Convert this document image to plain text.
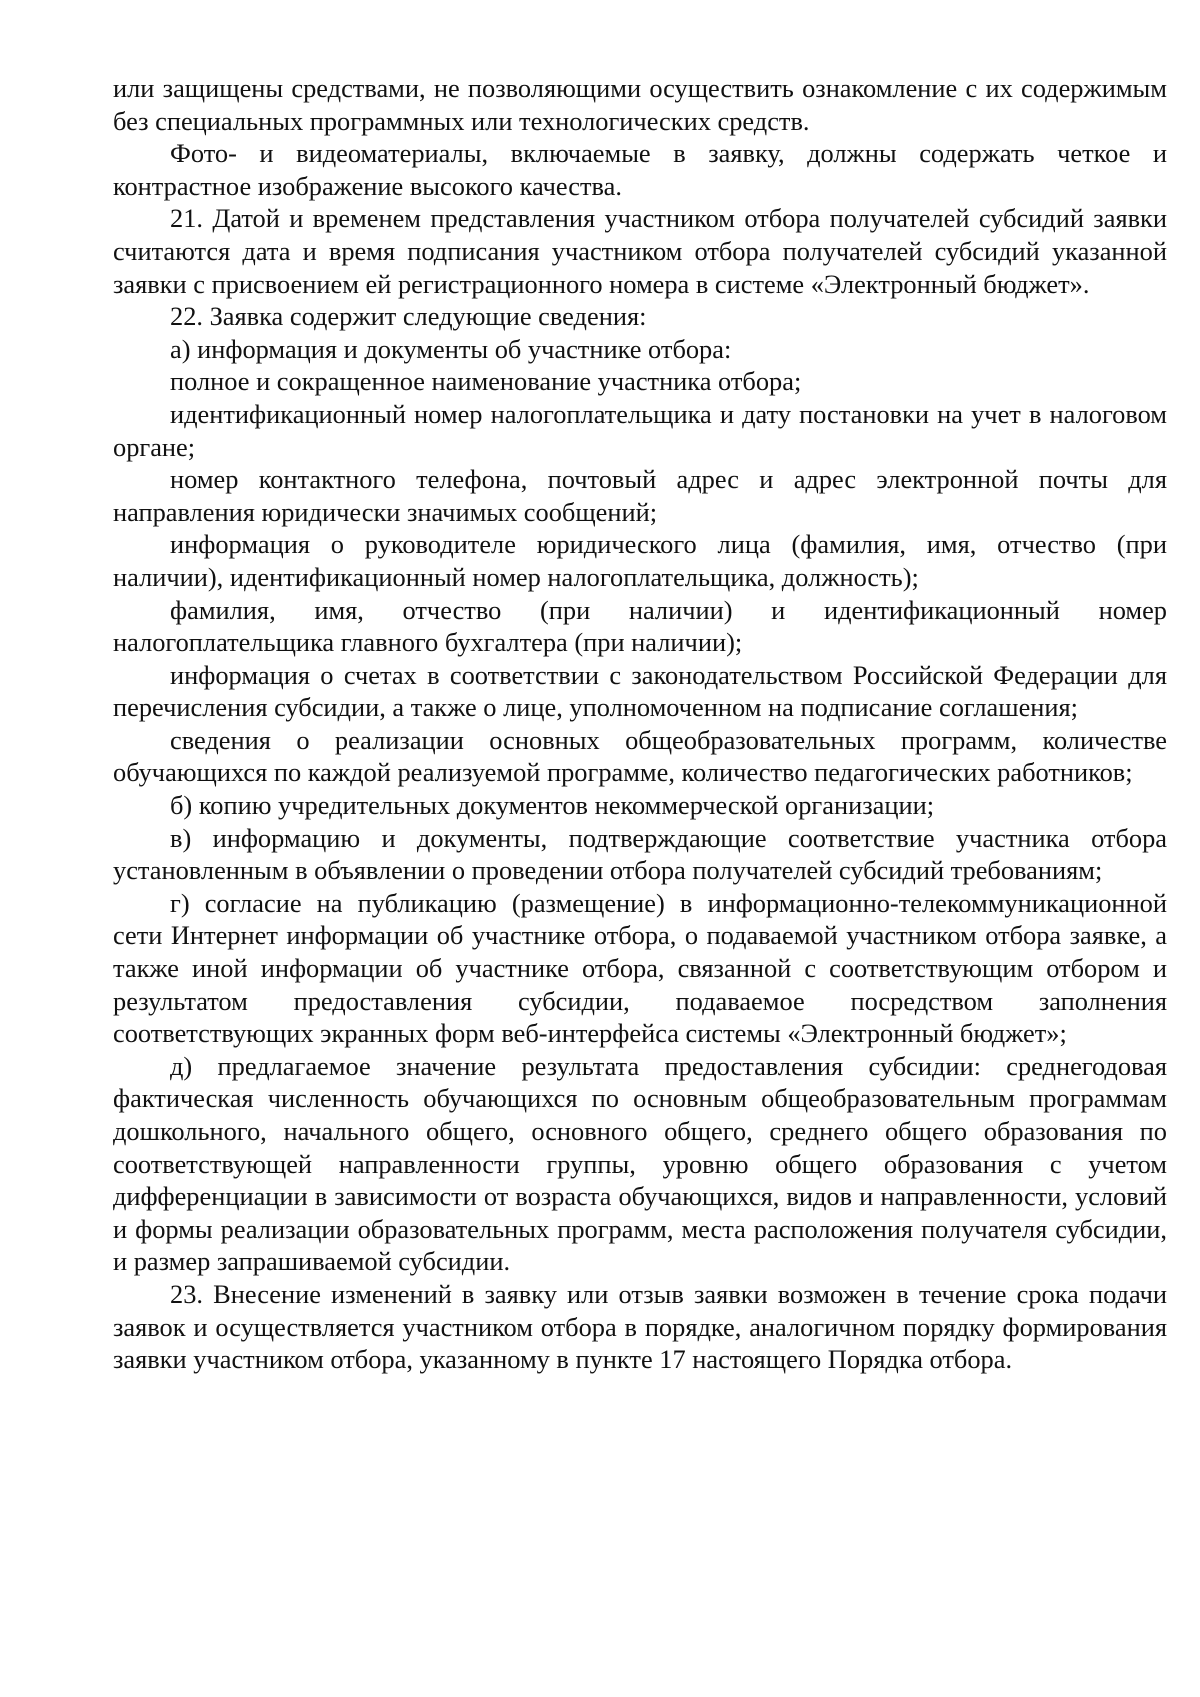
или защищены средствами, не позволяющими осуществить ознакомление с их содержимым без специальных программных или технологических средств.

Фото- и видеоматериалы, включаемые в заявку, должны содержать четкое и контрастное изображение высокого качества.

21. Датой и временем представления участником отбора получателей субсидий заявки считаются дата и время подписания участником отбора получателей субсидий указанной заявки с присвоением ей регистрационного номера в системе «Электронный бюджет».

22. Заявка содержит следующие сведения:

а) информация и документы об участнике отбора:

полное и сокращенное наименование участника отбора;

идентификационный номер налогоплательщика и дату постановки на учет в налоговом органе;

номер контактного телефона, почтовый адрес и адрес электронной почты для направления юридически значимых сообщений;

информация о руководителе юридического лица (фамилия, имя, отчество (при наличии), идентификационный номер налогоплательщика, должность);

фамилия, имя, отчество (при наличии) и идентификационный номер налогоплательщика главного бухгалтера (при наличии);

информация о счетах в соответствии с законодательством Российской Федерации для перечисления субсидии, а также о лице, уполномоченном на подписание соглашения;

сведения о реализации основных общеобразовательных программ, количестве обучающихся по каждой реализуемой программе, количество педагогических работников;

б) копию учредительных документов некоммерческой организации;

в) информацию и документы, подтверждающие соответствие участника отбора установленным в объявлении о проведении отбора получателей субсидий требованиям;

г) согласие на публикацию (размещение) в информационно-телекоммуникационной сети Интернет информации об участнике отбора, о подаваемой участником отбора заявке, а также иной информации об участнике отбора, связанной с соответствующим отбором и результатом предоставления субсидии, подаваемое посредством заполнения соответствующих экранных форм веб-интерфейса системы «Электронный бюджет»;

д) предлагаемое значение результата предоставления субсидии: среднегодовая фактическая численность обучающихся по основным общеобразовательным программам дошкольного, начального общего, основного общего, среднего общего образования по соответствующей направленности группы, уровню общего образования с учетом дифференциации в зависимости от возраста обучающихся, видов и направленности, условий и формы реализации образовательных программ, места расположения получателя субсидии, и размер запрашиваемой субсидии.

23. Внесение изменений в заявку или отзыв заявки возможен в течение срока подачи заявок и осуществляется участником отбора в порядке, аналогичном порядку формирования заявки участником отбора, указанному в пункте 17 настоящего Порядка отбора.
